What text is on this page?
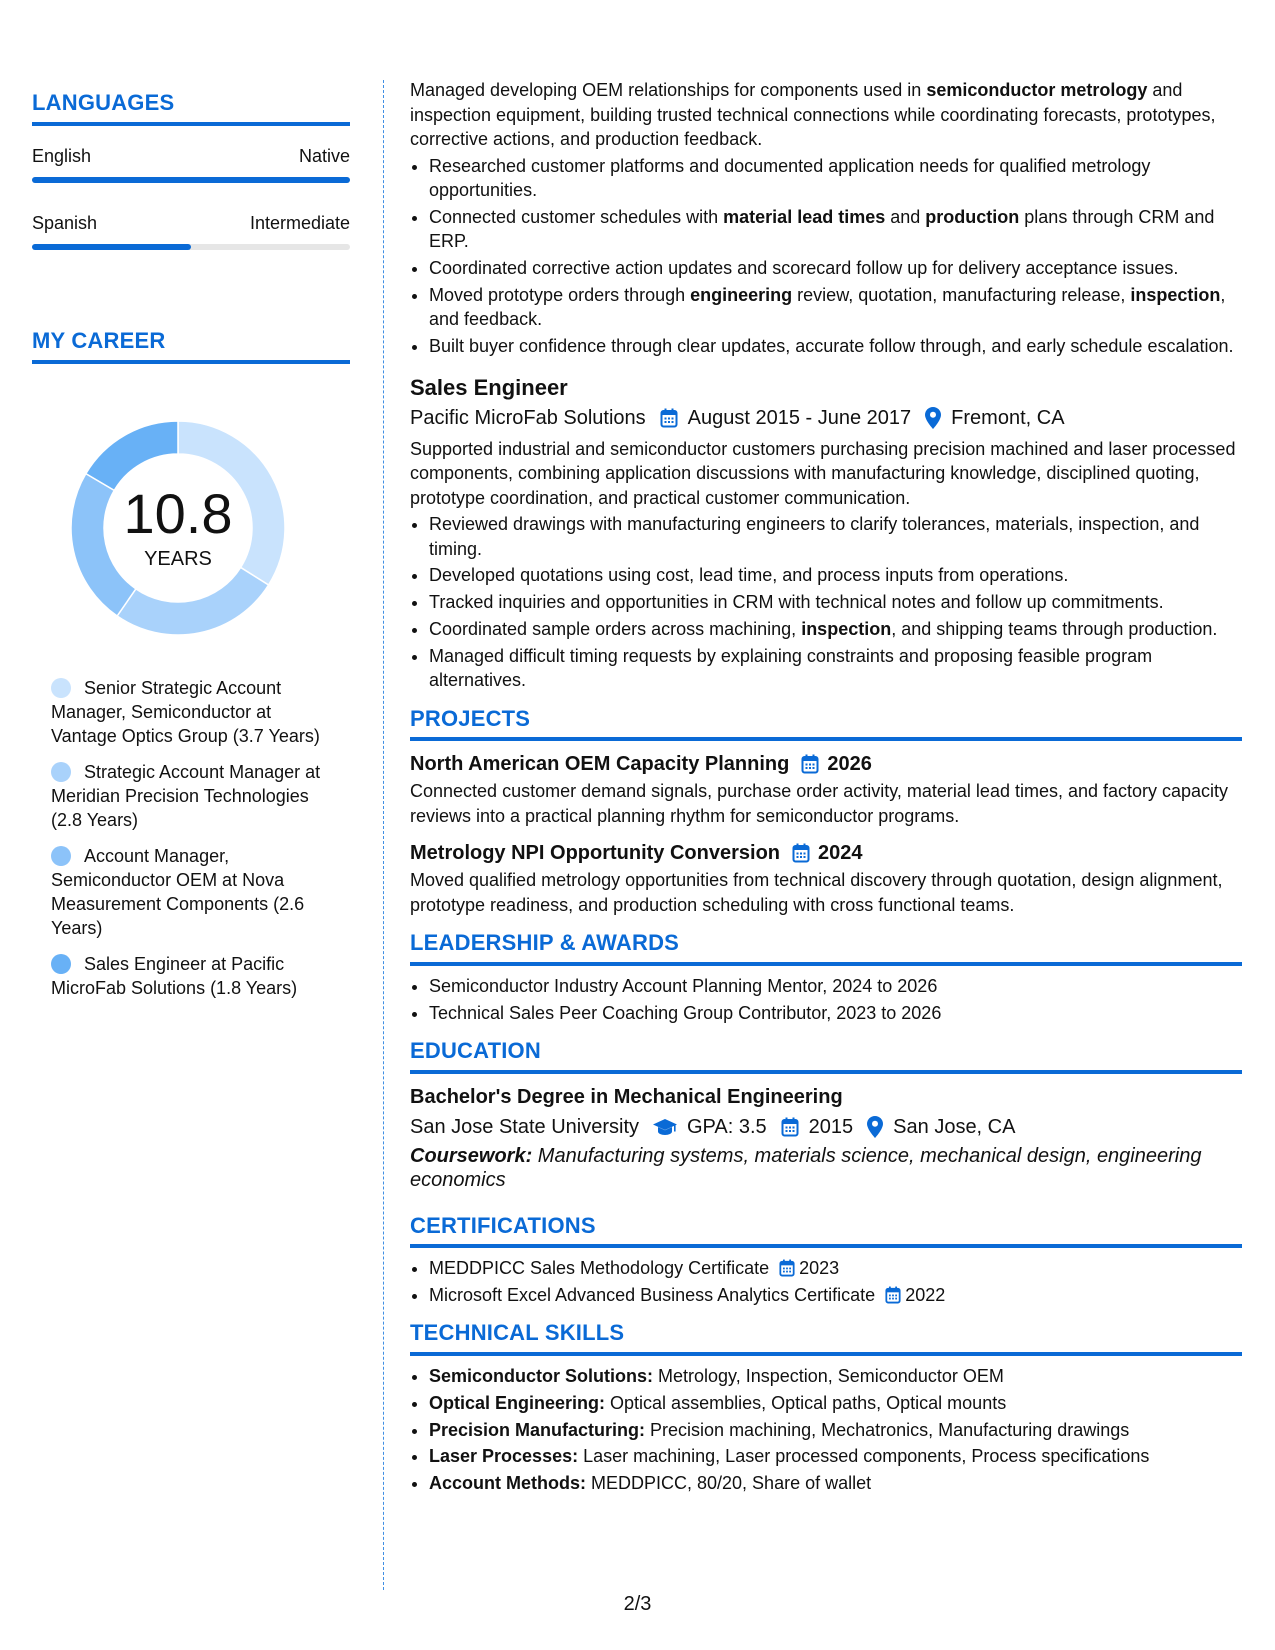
LANGUAGES
English	Native
Spanish	Intermediate
MY CAREER
10.8
YEARS
Senior Strategic Account Manager, Semiconductor at Vantage Optics Group (3.7 Years)
Strategic Account Manager at Meridian Precision Technologies (2.8 Years)
Account Manager, Semiconductor OEM at Nova Measurement Components (2.6 Years)
Sales Engineer at Pacific MicroFab Solutions (1.8 Years)

Managed developing OEM relationships for components used in semiconductor metrology and inspection equipment, building trusted technical connections while coordinating forecasts, prototypes, corrective actions, and production feedback.

• Researched customer platforms and documented application needs for qualified metrology opportunities.
• Connected customer schedules with material lead times and production plans through CRM and ERP.
• Coordinated corrective action updates and scorecard follow up for delivery acceptance issues.
• Moved prototype orders through engineering review, quotation, manufacturing release, inspection, and feedback.
• Built buyer confidence through clear updates, accurate follow through, and early schedule escalation.
Sales Engineer
Pacific MicroFab Solutions August 2015 - June 2017 Fremont, CA

Supported industrial and semiconductor customers purchasing precision machined and laser processed components, combining application discussions with manufacturing knowledge, disciplined quoting, prototype coordination, and practical customer communication.

• Reviewed drawings with manufacturing engineers to clarify tolerances, materials, inspection, and timing.
• Developed quotations using cost, lead time, and process inputs from operations.
• Tracked inquiries and opportunities in CRM with technical notes and follow up commitments.
• Coordinated sample orders across machining, inspection, and shipping teams through production.
• Managed difficult timing requests by explaining constraints and proposing feasible program alternatives.
PROJECTS
North American OEM Capacity Planning 2026

Connected customer demand signals, purchase order activity, material lead times, and factory capacity reviews into a practical planning rhythm for semiconductor programs.

Metrology NPI Opportunity Conversion 2024

Moved qualified metrology opportunities from technical discovery through quotation, design alignment, prototype readiness, and production scheduling with cross functional teams.

LEADERSHIP & AWARDS
• Semiconductor Industry Account Planning Mentor, 2024 to 2026
• Technical Sales Peer Coaching Group Contributor, 2023 to 2026
EDUCATION
Bachelor's Degree in Mechanical Engineering
San Jose State University GPA: 3.5 2015 San Jose, CA

Coursework: Manufacturing systems, materials science, mechanical design, engineering economics

CERTIFICATIONS
• MEDDPICC Sales Methodology Certificate 2023
• Microsoft Excel Advanced Business Analytics Certificate 2022
TECHNICAL SKILLS
• Semiconductor Solutions: Metrology, Inspection, Semiconductor OEM
• Optical Engineering: Optical assemblies, Optical paths, Optical mounts
• Precision Manufacturing: Precision machining, Mechatronics, Manufacturing drawings
• Laser Processes: Laser machining, Laser processed components, Process specifications
• Account Methods: MEDDPICC, 80/20, Share of wallet
2/3
